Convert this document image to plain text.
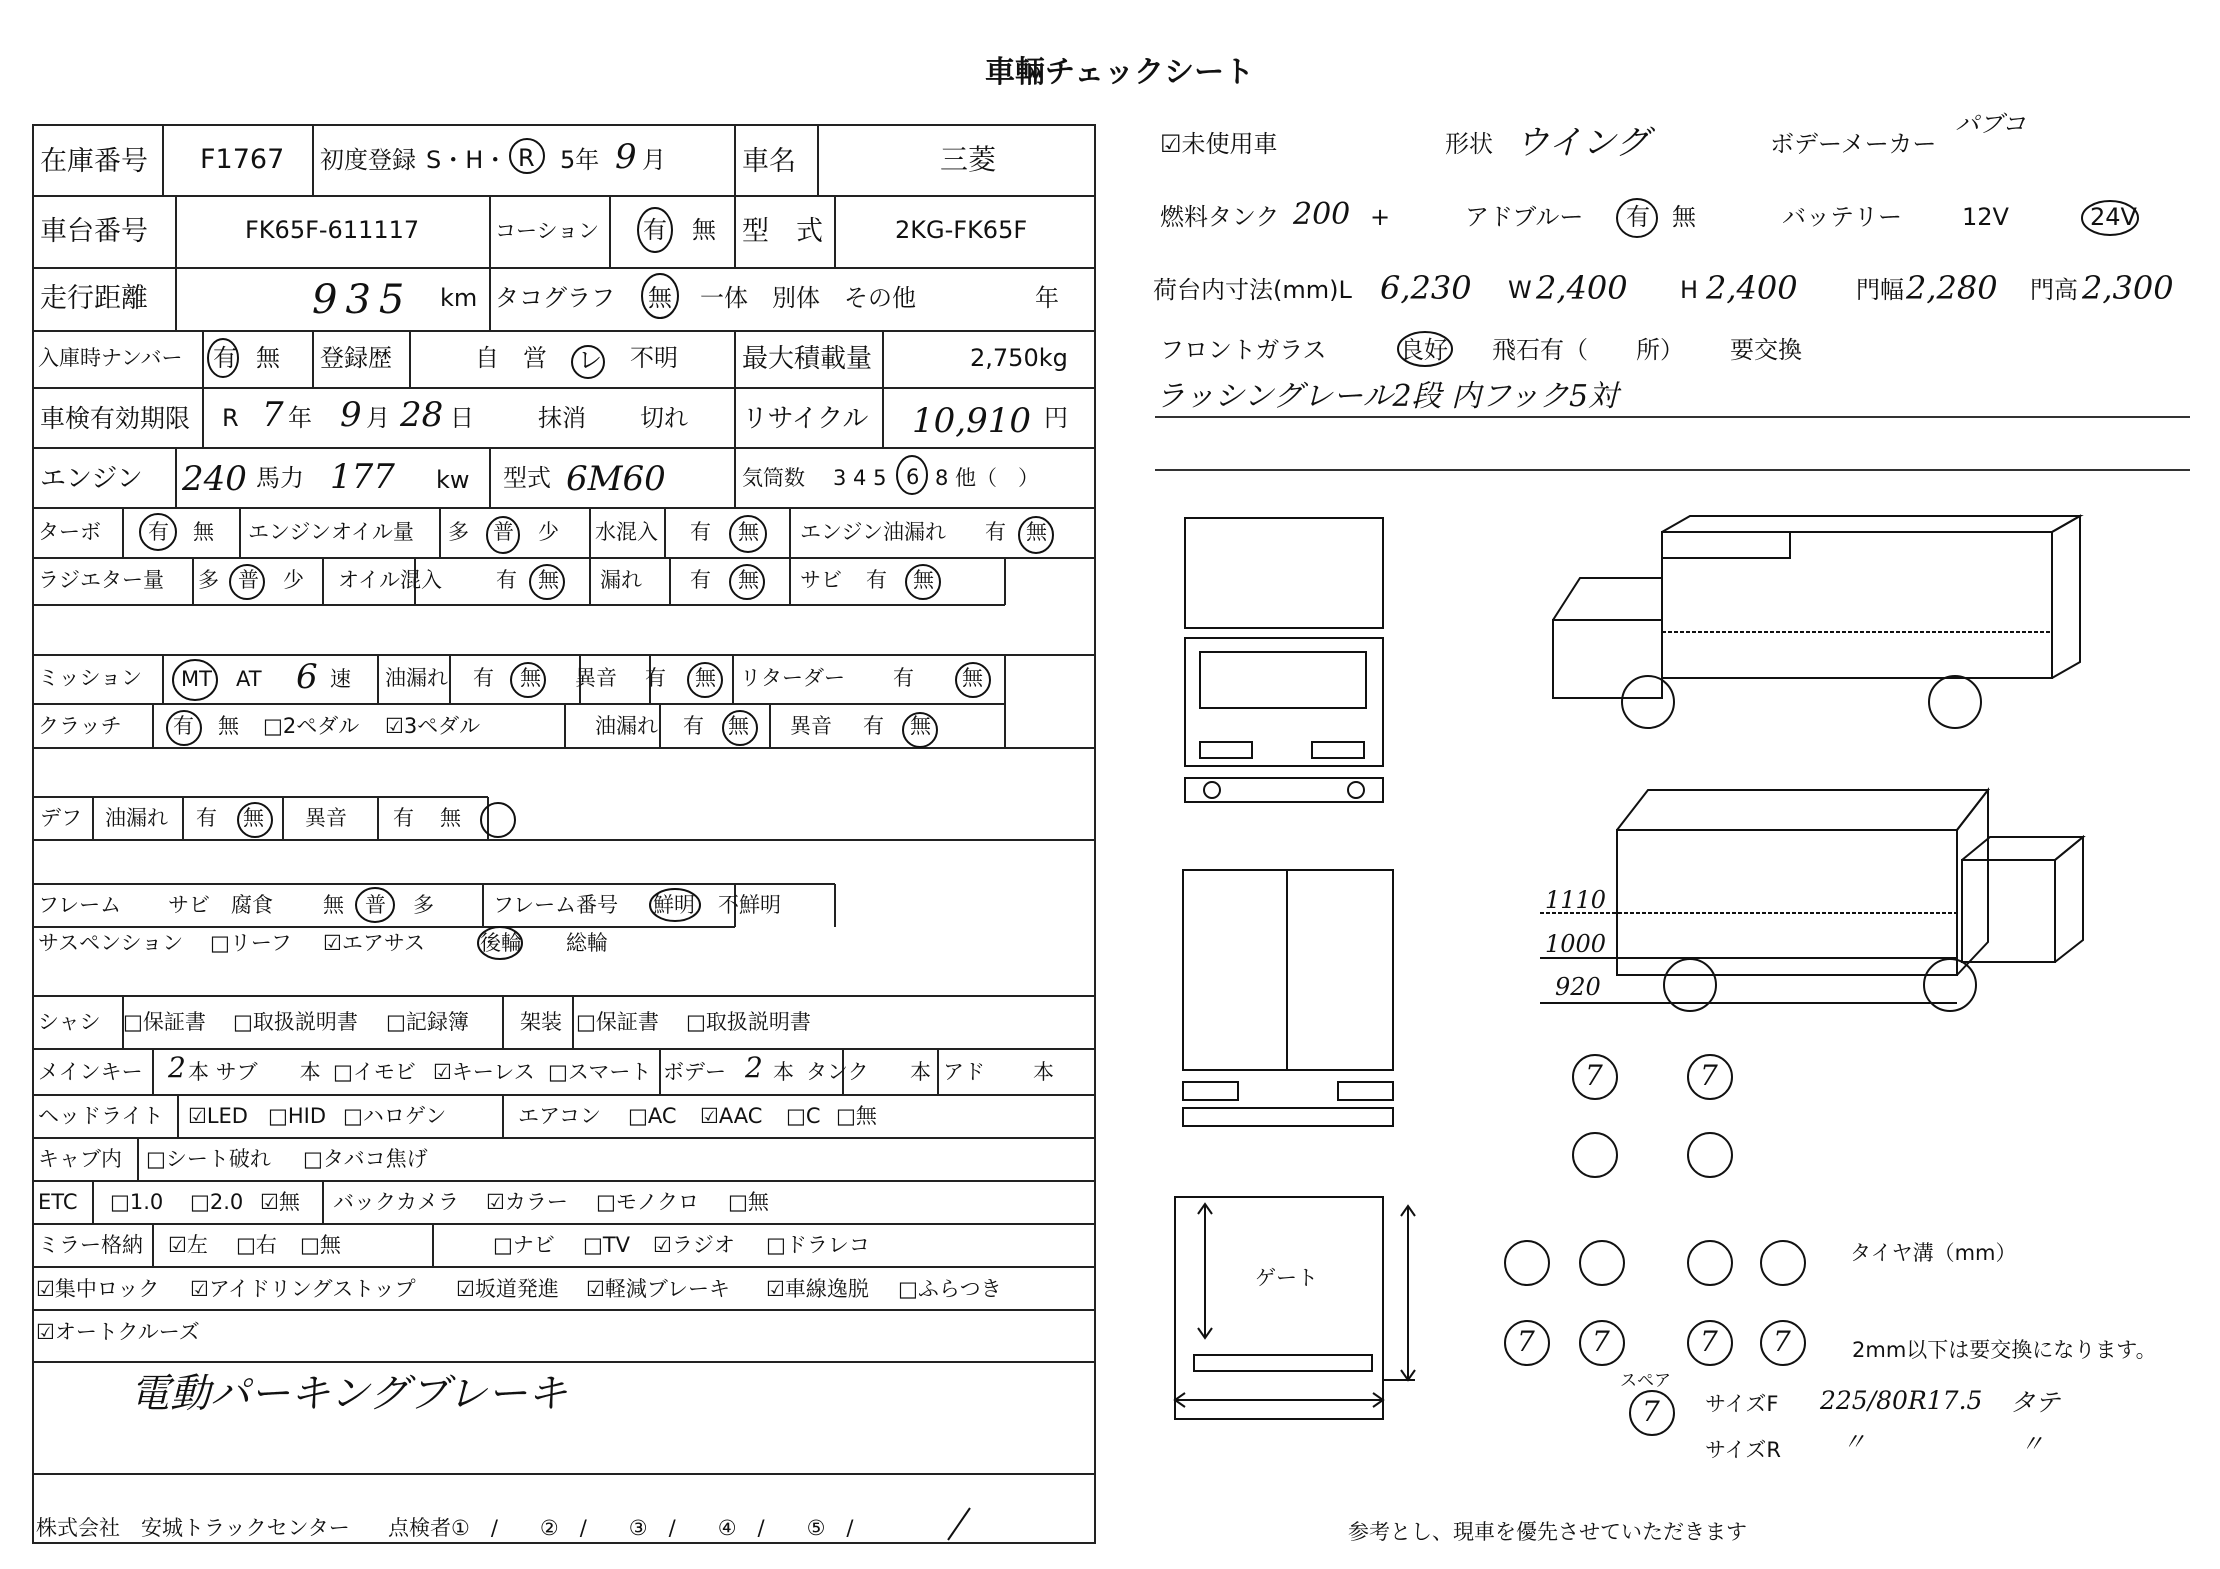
車輛チェックシート
在庫番号 F1767 初度登録 S・H・ R 5年 9 月	車名	三菱
車台番号	FK65F-611117	コーション 有 無 型　式	2KG-FK65F
走行距離	935 km タコグラフ 無 一体　別体　その他	年
入庫時ナンバー 有 無 登録歴	自　営 レ 不明 最大積載量	2,750kg
車検有効期限 R 7 年 9 月 28 日	抹消 切れ リサイクル 10,910 円
エンジン 240 馬力 177 kw 型式 6M60	気筒数 3 4 5 6 8 他（　）
ターボ 有 無 エンジンオイル量 多 普 少 水混入 有 無 エンジン油漏れ 有 無
ラジエター量 多 普 少 オイル混入	有 無 漏れ 有 無 サビ 有 無
ミッション MT AT 6 速 油漏れ 有 無 異音 有 無 リターダー 有 無
クラッチ 有 無 □2ペダル ☑3ペダル	油漏れ 有 無 異音 有 無
デフ 油漏れ 有 無 異音 有 無
フレーム サビ　腐食 無 普 多	フレーム番号 鮮明 不鮮明
サスペンション □リーフ ☑エアサス	後輪 総輪
シャシ □保証書 □取扱説明書 □記録簿 架装 □保証書 □取扱説明書
メインキー 2 本 サブ　　本 □イモビ ☑キーレス □スマート ボデー 2 本 タンク 本 アド 本
ヘッドライト ☑LED □HID □ハロゲン	エアコン □AC ☑AAC □C □無
キャブ内 □シート破れ □タバコ焦げ
ETC □1.0 □2.0 ☑無 バックカメラ ☑カラー □モノクロ □無
ミラー格納 ☑左 □右 □無	□ナビ □TV ☑ラジオ □ドラレコ
☑集中ロック ☑アイドリングストップ ☑坂道発進 ☑軽減ブレーキ ☑車線逸脱 □ふらつき
☑オートクルーズ
電動パーキングブレーキ
株式会社　安城トラックセンター 点検者①　/　　②　/　　③　/　　④　/　　⑤　/
☑未使用車	形状 ウイング	ボデーメーカー
パブコ
燃料タンク 200 +	アドブルー 有 無	バッテリー	12V	24V
荷台内寸法(mm)L 6,230 W 2,400 H 2,400 門幅 2,280 門高 2,300
フロントガラス	良好 飛石有（　　所） 要交換
ラッシングレール2段 内フック5対
1110
1000
920
ゲート
7	7
7 7	7 7
タイヤ溝（mm）
2mm以下は要交換になります。
スペア
7 サイズF 225/80R17.5 タテ
サイズR	〃	〃
参考とし、現車を優先させていただきます
